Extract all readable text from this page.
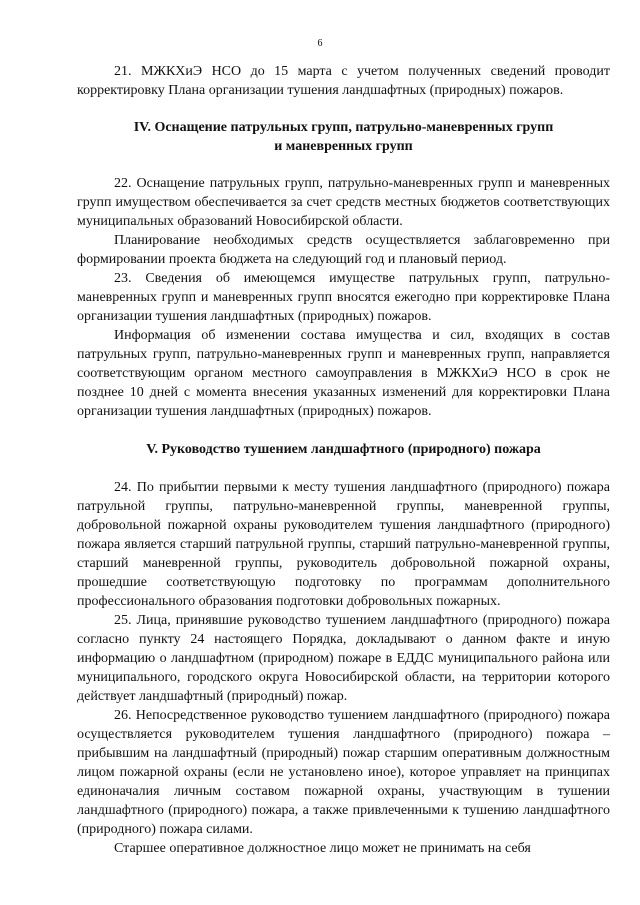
6

21. МЖКХиЭ НСО до 15 марта с учетом полученных сведений проводит корректировку Плана организации тушения ландшафтных (природных) пожаров.

IV. Оснащение патрульных групп, патрульно-маневренных групп
и маневренных групп

22. Оснащение патрульных групп, патрульно-маневренных групп и маневренных групп имуществом обеспечивается за счет средств местных бюджетов соответствующих муниципальных образований Новосибирской области.

Планирование необходимых средств осуществляется заблаговременно при формировании проекта бюджета на следующий год и плановый период.

23. Сведения об имеющемся имуществе патрульных групп, патрульно-маневренных групп и маневренных групп вносятся ежегодно при корректировке Плана организации тушения ландшафтных (природных) пожаров.

Информация об изменении состава имущества и сил, входящих в состав патрульных групп, патрульно-маневренных групп и маневренных групп, направляется соответствующим органом местного самоуправления в МЖКХиЭ НСО в срок не позднее 10 дней с момента внесения указанных изменений для корректировки Плана организации тушения ландшафтных (природных) пожаров.

V. Руководство тушением ландшафтного (природного) пожара

24. По прибытии первыми к месту тушения ландшафтного (природного) пожара патрульной группы, патрульно-маневренной группы, маневренной группы, добровольной пожарной охраны руководителем тушения ландшафтного (природного) пожара является старший патрульной группы, старший патрульно-маневренной группы, старший маневренной группы, руководитель добровольной пожарной охраны, прошедшие соответствующую подготовку по программам дополнительного профессионального образования подготовки добровольных пожарных.

25. Лица, принявшие руководство тушением ландшафтного (природного) пожара согласно пункту 24 настоящего Порядка, докладывают о данном факте и иную информацию о ландшафтном (природном) пожаре в ЕДДС муниципального района или муниципального, городского округа Новосибирской области, на территории которого действует ландшафтный (природный) пожар.

26. Непосредственное руководство тушением ландшафтного (природного) пожара осуществляется руководителем тушения ландшафтного (природного) пожара – прибывшим на ландшафтный (природный) пожар старшим оперативным должностным лицом пожарной охраны (если не установлено иное), которое управляет на принципах единоначалия личным составом пожарной охраны, участвующим в тушении ландшафтного (природного) пожара, а также привлеченными к тушению ландшафтного (природного) пожара силами.

Старшее оперативное должностное лицо может не принимать на себя
